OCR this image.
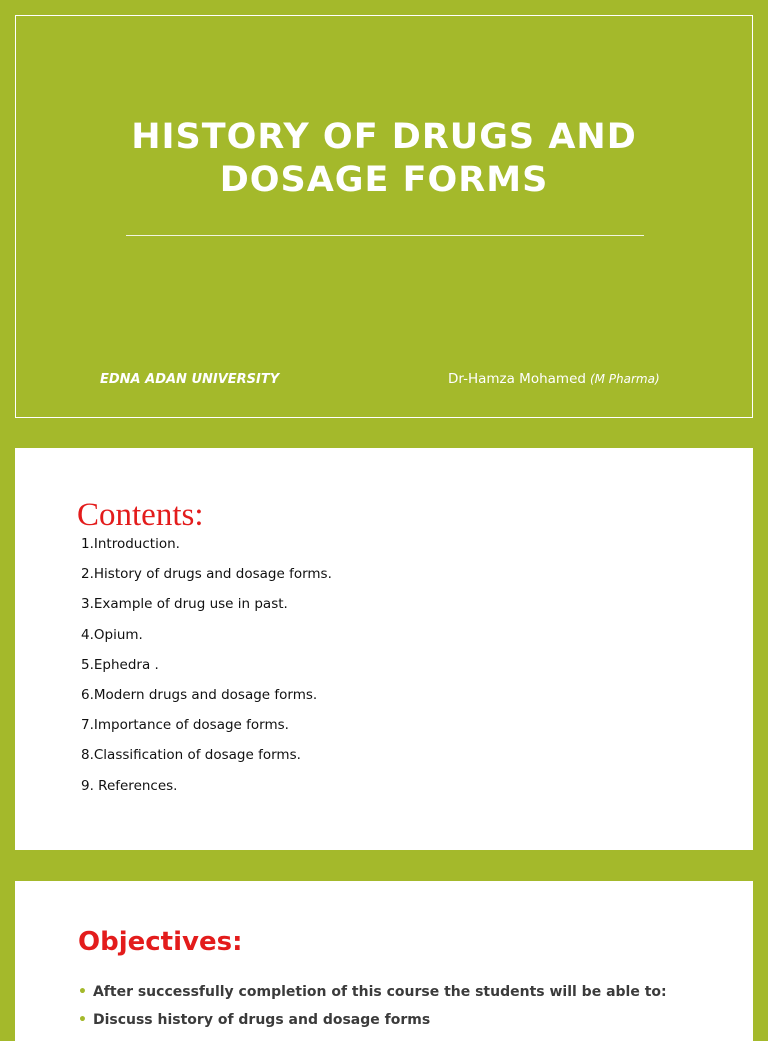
HISTORY OF DRUGS AND
DOSAGE FORMS

EDNA ADAN UNIVERSITY	Dr-Hamza Mohamed (M Pharma)

Contents:
1.Introduction.
2.History of drugs and dosage forms.
3.Example of drug use in past.
4.Opium.
5.Ephedra .
6.Modern drugs and dosage forms.
7.Importance of dosage forms.
8.Classification of dosage forms.
9. References.
Objectives:
• After successfully completion of this course the students will be able to:
• Discuss history of drugs and dosage forms
